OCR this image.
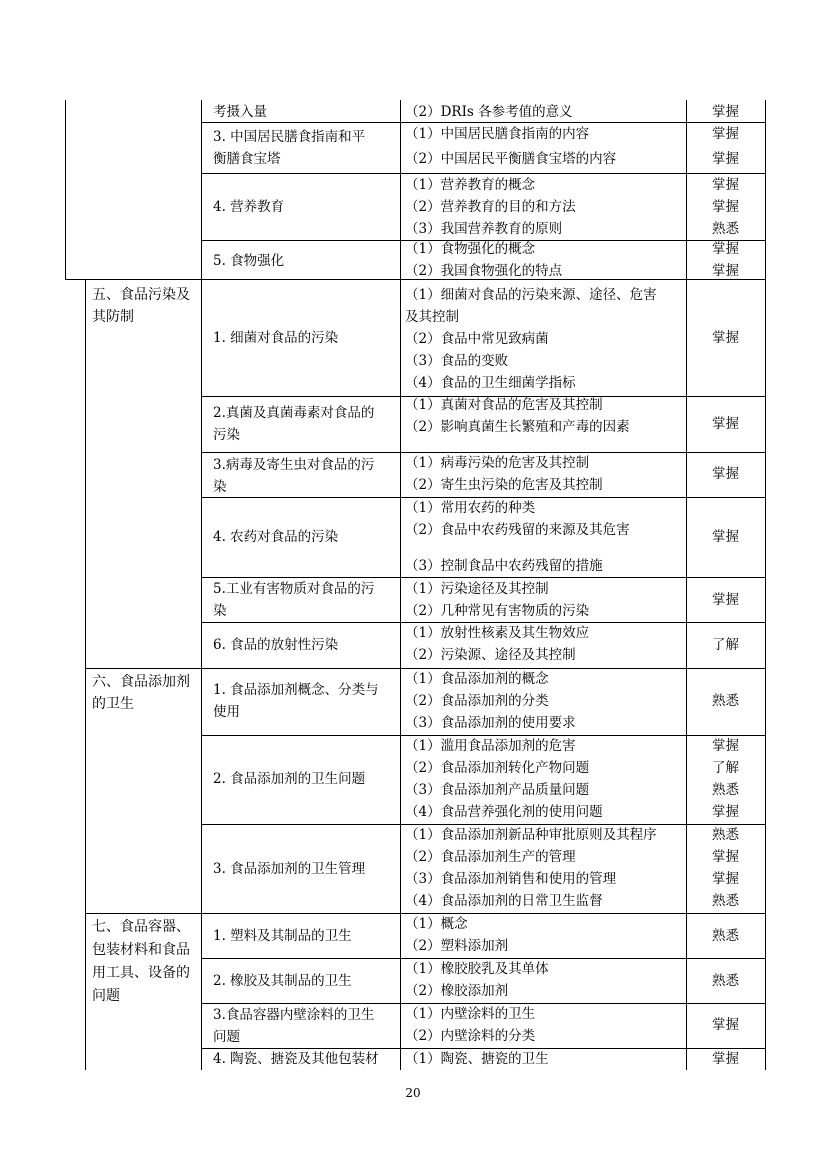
五、食品污染及
其防制
六、食品添加剂
的卫生
七、食品容器、
包装材料和食品
用工具、设备的
问题
考摄入量
3. 中国居民膳食指南和平
衡膳食宝塔
4. 营养教育
5. 食物强化
1. 细菌对食品的污染
2.真菌及真菌毒素对食品的
污染
3.病毒及寄生虫对食品的污
染
4. 农药对食品的污染
5.工业有害物质对食品的污
染
6. 食品的放射性污染
1. 食品添加剂概念、分类与
使用
2. 食品添加剂的卫生问题
3. 食品添加剂的卫生管理
1. 塑料及其制品的卫生
2. 橡胶及其制品的卫生
3.食品容器内壁涂料的卫生
问题
4. 陶瓷、搪瓷及其他包装材
（2）DRIs 各参考值的意义
（1）中国居民膳食指南的内容
（2）中国居民平衡膳食宝塔的内容
（1）营养教育的概念
（2）营养教育的目的和方法
（3）我国营养教育的原则
（1）食物强化的概念
（2）我国食物强化的特点
（1）细菌对食品的污染来源、途径、危害
及其控制
（2）食品中常见致病菌
（3）食品的变败
（4）食品的卫生细菌学指标
（1）真菌对食品的危害及其控制
（2）影响真菌生长繁殖和产毒的因素
（1）病毒污染的危害及其控制
（2）寄生虫污染的危害及其控制
（1）常用农药的种类
（2）食品中农药残留的来源及其危害
（3）控制食品中农药残留的措施
（1）污染途径及其控制
（2）几种常见有害物质的污染
（1）放射性核素及其生物效应
（2）污染源、途径及其控制
（1）食品添加剂的概念
（2）食品添加剂的分类
（3）食品添加剂的使用要求
（1）滥用食品添加剂的危害
（2）食品添加剂转化产物问题
（3）食品添加剂产品质量问题
（4）食品营养强化剂的使用问题
（1）食品添加剂新品种审批原则及其程序
（2）食品添加剂生产的管理
（3）食品添加剂销售和使用的管理
（4）食品添加剂的日常卫生监督
（1）概念
（2）塑料添加剂
（1）橡胶胶乳及其单体
（2）橡胶添加剂
（1）内壁涂料的卫生
（2）内壁涂料的分类
（1）陶瓷、搪瓷的卫生
掌握
掌握
掌握
掌握
掌握
熟悉
掌握
掌握
掌握
了解
熟悉
掌握
熟悉
掌握
掌握
熟悉
掌握
掌握
掌握
掌握
掌握
了解
熟悉
熟悉
熟悉
掌握
掌握
20
